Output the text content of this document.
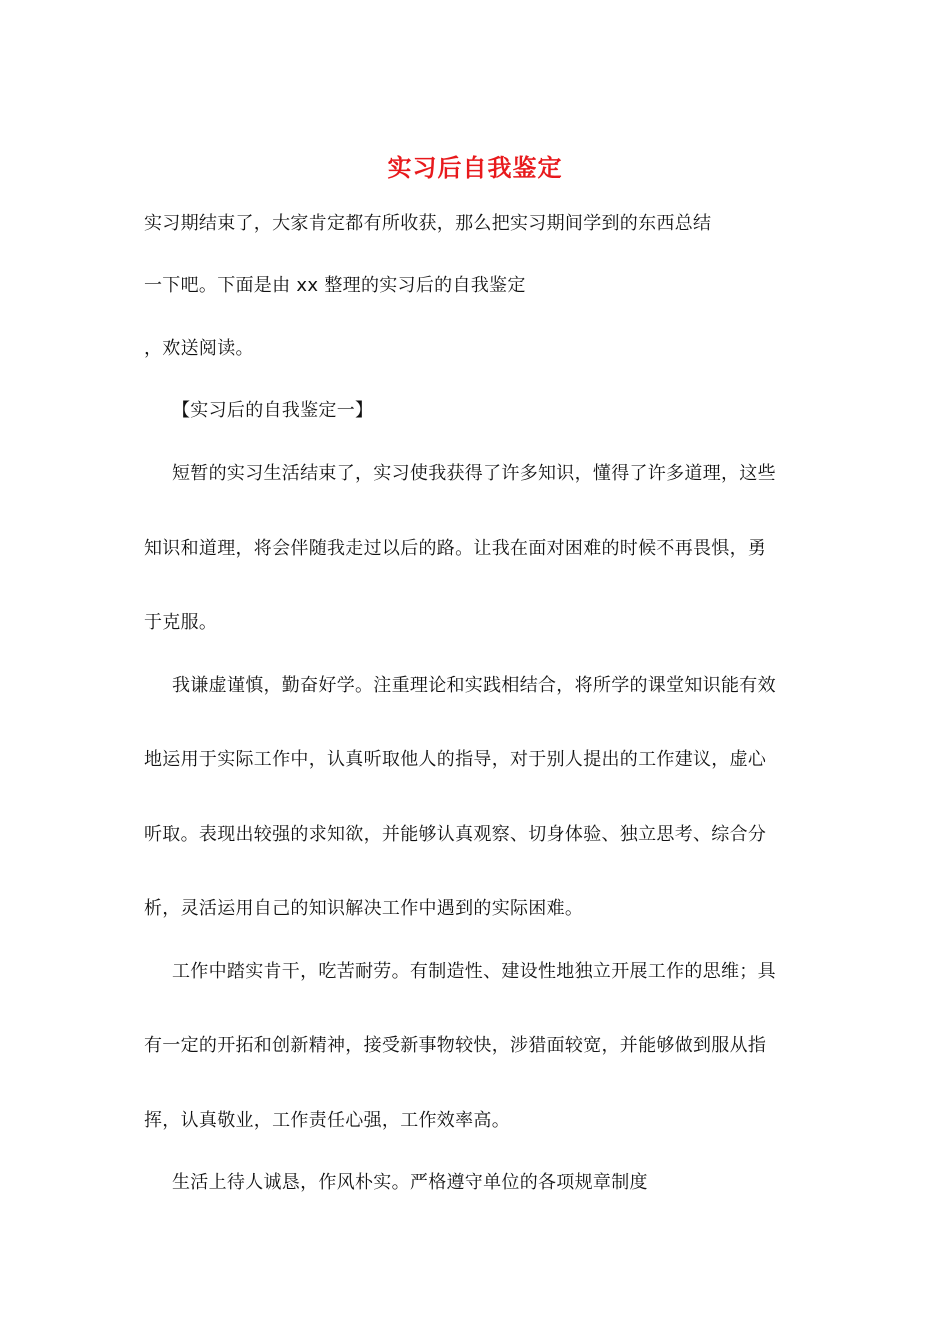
实习后自我鉴定
实习期结束了，大家肯定都有所收获，那么把实习期间学到的东西总结
一下吧。下面是由 xx 整理的实习后的自我鉴定
，欢送阅读。
【实习后的自我鉴定一】
短暂的实习生活结束了，实习使我获得了许多知识，懂得了许多道理，这些
知识和道理，将会伴随我走过以后的路。让我在面对困难的时候不再畏惧，勇
于克服。
我谦虚谨慎，勤奋好学。注重理论和实践相结合，将所学的课堂知识能有效
地运用于实际工作中，认真听取他人的指导，对于别人提出的工作建议，虚心
听取。表现出较强的求知欲，并能够认真观察、切身体验、独立思考、综合分
析，灵活运用自己的知识解决工作中遇到的实际困难。
工作中踏实肯干，吃苦耐劳。有制造性、建设性地独立开展工作的思维；具
有一定的开拓和创新精神，接受新事物较快，涉猎面较宽，并能够做到服从指
挥，认真敬业，工作责任心强，工作效率高。
生活上待人诚恳，作风朴实。严格遵守单位的各项规章制度
